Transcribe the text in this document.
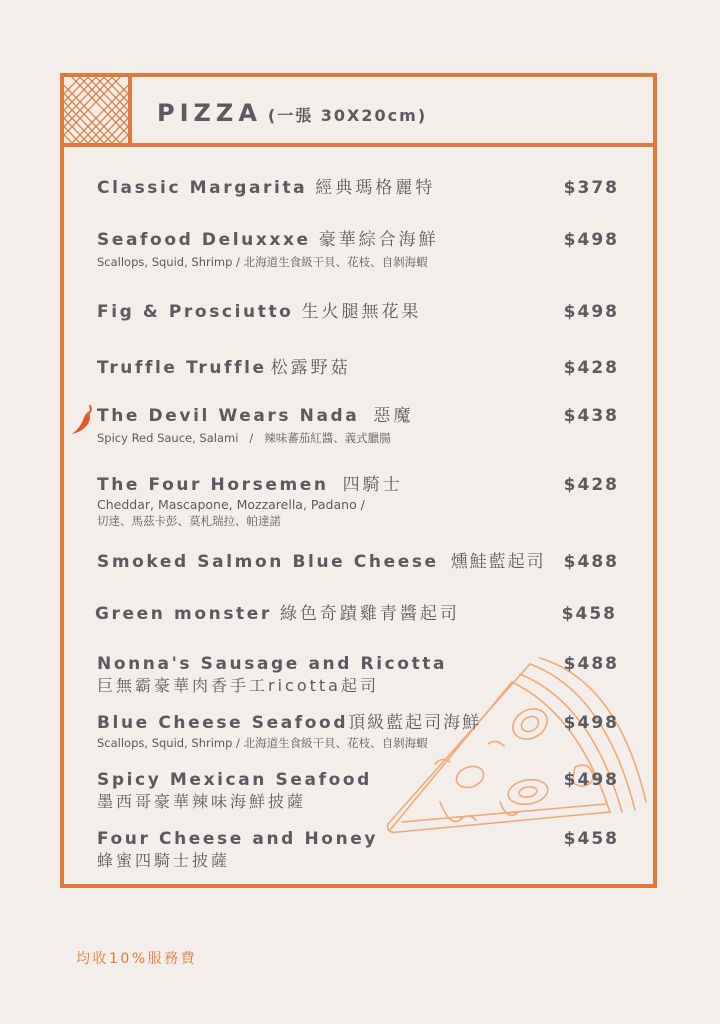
PIZZA (一張 30X20cm)
Classic Margarita 經典瑪格麗特	$378
Seafood Deluxxxe 豪華綜合海鮮	$498
Scallops, Squid, Shrimp / 北海道生食級干貝、花枝、自剝海蝦
Fig & Prosciutto 生火腿無花果	$498
Truffle Truffle 松露野菇	$428
The Devil Wears Nada 惡魔	$438
Spicy Red Sauce, Salami   /   辣味蕃茄紅醬、義式臘腸
The Four Horsemen 四騎士	$428
Cheddar, Mascapone, Mozzarella, Padano /
切達、馬茲卡彭、莫札瑞拉、帕達諾
Smoked Salmon Blue Cheese 燻鮭藍起司	$488
Green monster 綠色奇蹟雞青醬起司	$458
Nonna's Sausage and Ricotta	$488
巨無霸豪華肉香手工ricotta起司
Blue Cheese Seafood頂級藍起司海鮮	$498
Scallops, Squid, Shrimp / 北海道生食級干貝、花枝、自剝海蝦
Spicy Mexican Seafood	$498
墨西哥豪華辣味海鮮披薩
Four Cheese and Honey	$458
蜂蜜四騎士披薩
均收10%服務費
